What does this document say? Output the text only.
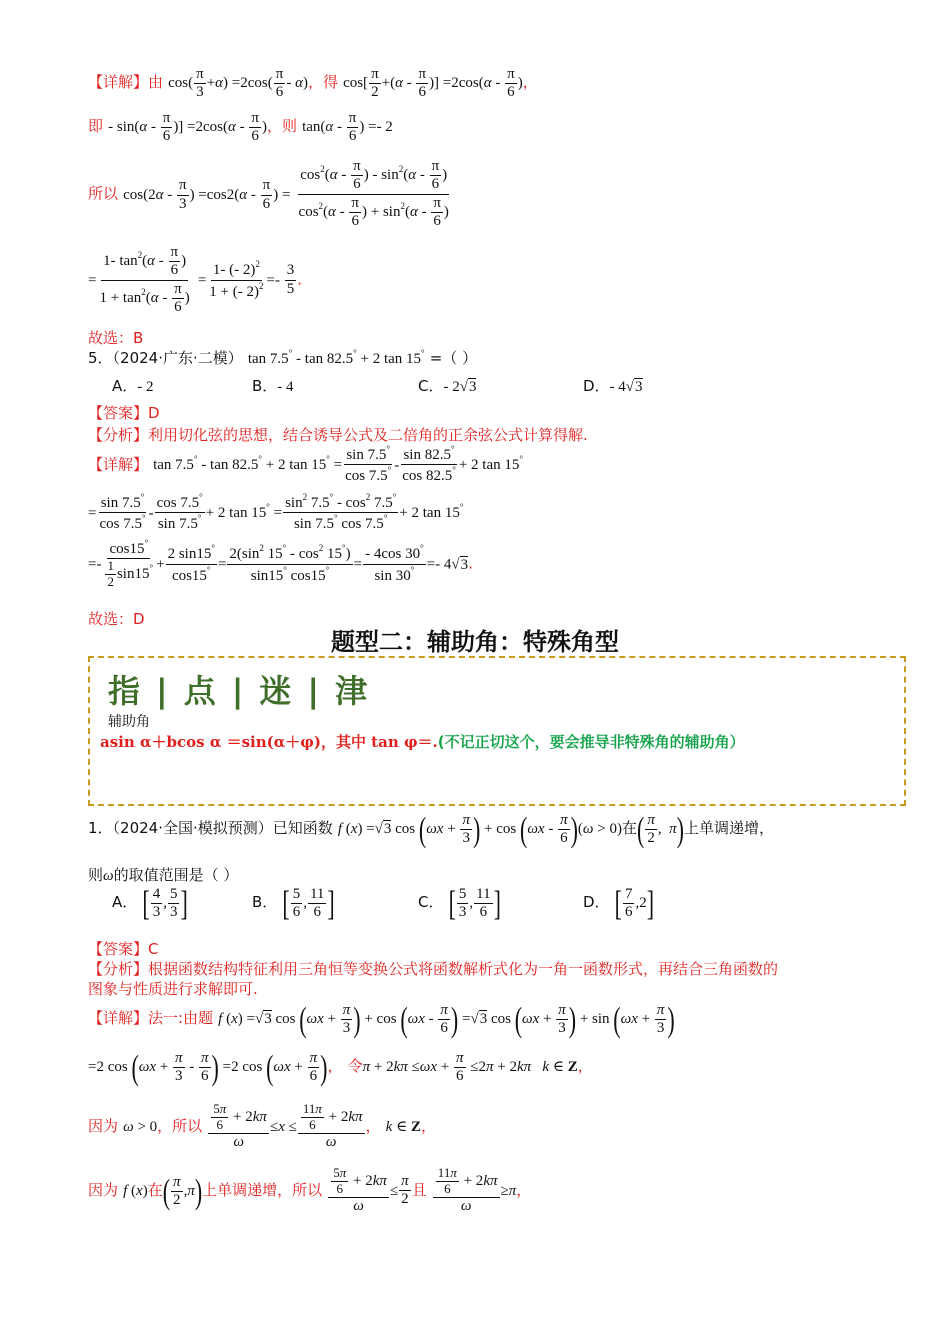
【详解】由 $\cos( \frac{\pi}{3} +\alpha) =2\cos( \frac{\pi}{6} - \alpha)$，得 $\cos[ \frac{\pi}{2} +(\alpha - \frac{\pi}{6}$ )] $=2\cos(\alpha - \frac{\pi}{6}$ )，
即 - $\sin(\alpha - \frac{\pi}{6}$ )] $=2\cos(\alpha - \frac{\pi}{6}$ )，则 $\tan(\alpha - \frac{\pi}{6}$ ) =- 2
所以 $\cos(2\alpha - \frac{\pi}{3}$ ) $=\cos 2(\alpha - \frac{\pi}{6}$ ) = $\frac{\cos^2(\alpha - \frac{\pi}{6} ) - \sin^2(\alpha - \frac{\pi}{6} )}{\cos^2(\alpha - \frac{\pi}{6} ) + \sin^2(\alpha - \frac{\pi}{6} )}$
= $\frac{1- \tan^2(\alpha - \frac{\pi}{6} )}{1 + \tan^2(\alpha - \frac{\pi}{6} )} = \frac{1- (- 2)^2}{1 + (- 2)^2} =- \frac{3}{5}$ .
故选：B
5．（2024·广东·二模） tan 7.5° - tan 82.5° + 2 tan 15° =（ ）
A．- 2	B．- 4	C．- 2√3	D．- 4√3
【答案】D
【分析】利用切化弦的思想，结合诱导公式及二倍角的正余弦公式计算得解.
【详解】 tan 7.5° - tan 82.5° + 2 $\tan 15^\circ = \frac{\sin 7.5^\circ}{\cos 7.5^\circ} - \frac{\sin 82.5^\circ}{\cos 82.5^\circ} + 2$ tan 15°
= $\frac{\sin 7.5^\circ}{\cos 7.5^\circ} - \frac{\cos 7.5^\circ}{\sin 7.5^\circ} + 2$ $\tan 15^\circ = \frac{\sin^2 7.5^\circ - \cos^2 7.5^\circ}{\sin 7.5^\circ \cos 7.5^\circ} + 2$ tan 15°
=- $\frac{\cos 15^\circ}{\frac{1}{2} \sin 15^\circ} + \frac{2 \sin 15^\circ}{\cos 15^\circ} = \frac{2(\sin^2 15^\circ - \cos^2 15^\circ)}{\sin 15^\circ \cos 15^\circ} = \frac{- 4\cos 30^\circ}{\sin 30^\circ} =- 4√3$.
故选：D
题型二：辅助角：特殊角型
指 | 点 | 迷 | 津
辅助角
asin α＋bcos α ＝sin(α＋φ)，其中 tan φ＝.(不记正切这个，要会推导非特殊角的辅助角）
1．（2024·全国·模拟预测）已知函数 f (x) =√3 $\cos (\omega x + \frac{\pi}{3}$ ) + $\cos (\omega x - \frac{\pi}{6} )(\omega > 0)$在( $\frac{\pi}{2}$ ,  π)上单调递增，
则ω的取值范围是（ ）
A． [ $\frac{4}{3}$ , $\frac{5}{3}$ ]	B． [ $\frac{5}{6}$ , $\frac{11}{6}$ ]	C． [ $\frac{5}{3}$ , $\frac{11}{6}$ ]	D． [ $\frac{7}{6} ,2$]
【答案】C
【分析】根据函数结构特征利用三角恒等变换公式将函数解析式化为一角一函数形式，再结合三角函数的
图象与性质进行求解即可.
【详解】法一:由题 f (x) =√3 $\cos (\omega x + \frac{\pi}{3}$ ) + $\cos (\omega x - \frac{\pi}{6}$ ) =√3 $\cos (\omega x + \frac{\pi}{3}$ ) + $\sin (\omega x + \frac{\pi}{3}$ )
=2 $\cos (\omega x + \frac{\pi}{3} - \frac{\pi}{6}$ ) =2 $\cos (\omega x + \frac{\pi}{6}$ )， 令$\pi + 2k\pi \le\omega x + \frac{\pi}{6} \le 2\pi + 2k\pi$ k ∈ Z，
因为 ω > 0，所以 $\frac{\frac{5\pi}{6} + 2k\pi}{\omega} \le x \le \frac{\frac{11\pi}{6} + 2k\pi}{\omega}$ ， k ∈ Z，
因为 f (x)在( $\frac{\pi}{2} ,\pi$)上单调递增，所以 $\frac{\frac{5\pi}{6} + 2k\pi}{\omega} \le \frac{\pi}{2}$ 且 $\frac{\frac{11\pi}{6} + 2k\pi}{\omega} \ge\pi$，
